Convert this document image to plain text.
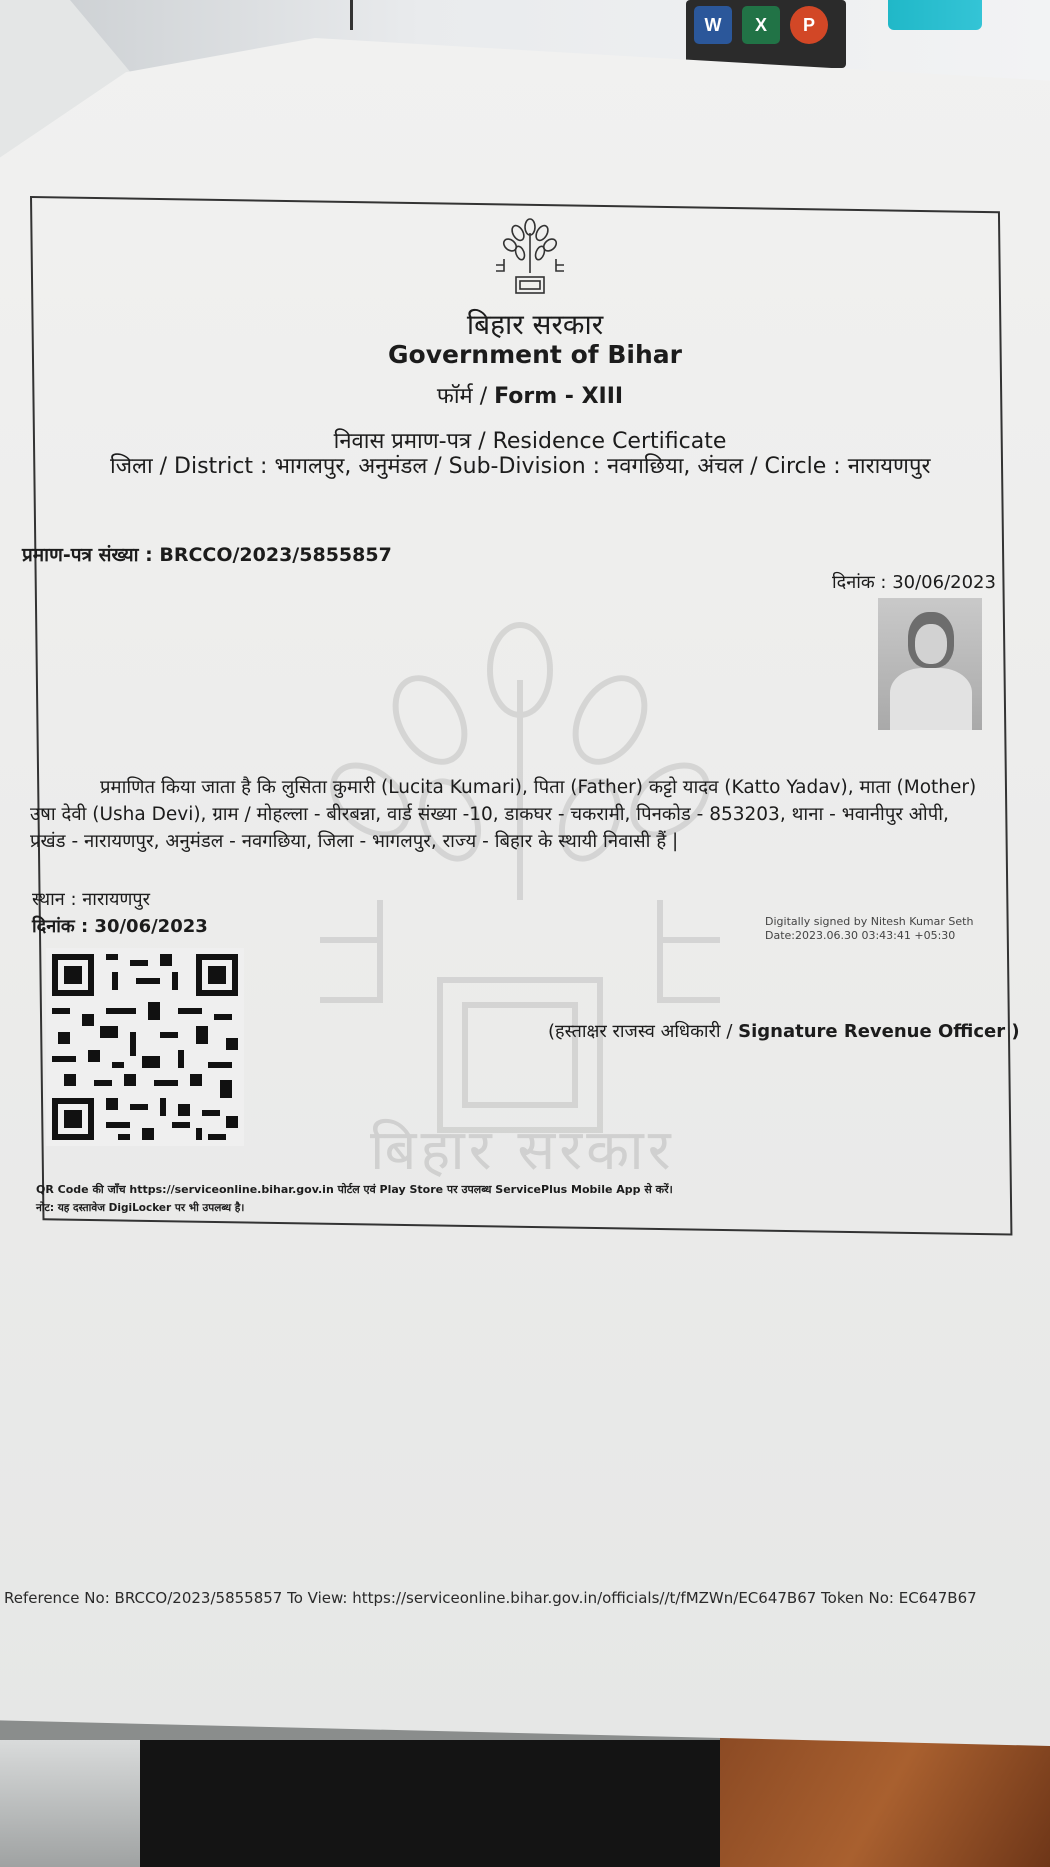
W	X	P
बिहार सरकार
बिहार सरकार
Government of Bihar
फॉर्म / Form - XIII
निवास प्रमाण-पत्र / Residence Certificate
जिला / District : भागलपुर, अनुमंडल / Sub-Division : नवगछिया, अंचल / Circle : नारायणपुर
प्रमाण-पत्र संख्या : BRCCO/2023/5855857
दिनांक : 30/06/2023

प्रमाणित किया जाता है कि लुसिता कुमारी (Lucita Kumari), पिता (Father) कट्टो यादव (Katto Yadav), माता (Mother) उषा देवी (Usha Devi), ग्राम / मोहल्ला - बीरबन्ना, वार्ड संख्या -10, डाकघर - चकरामी, पिनकोड - 853203, थाना - भवानीपुर ओपी, प्रखंड - नारायणपुर, अनुमंडल - नवगछिया, जिला - भागलपुर, राज्य - बिहार के स्थायी निवासी हैं |

स्थान : नारायणपुर
दिनांक : 30/06/2023	Digitally signed by Nitesh Kumar Seth
Date:2023.06.30 03:43:41 +05:30
(हस्ताक्षर राजस्व अधिकारी / Signature Revenue Officer )
QR Code की जाँच https://serviceonline.bihar.gov.in पोर्टल एवं Play Store पर उपलब्ध ServicePlus Mobile App से करें।
नोट: यह दस्तावेज DigiLocker पर भी उपलब्ध है।
Reference No: BRCCO/2023/5855857 To View: https://serviceonline.bihar.gov.in/officials//t/fMZWn/EC647B67 Token No: EC647B67
